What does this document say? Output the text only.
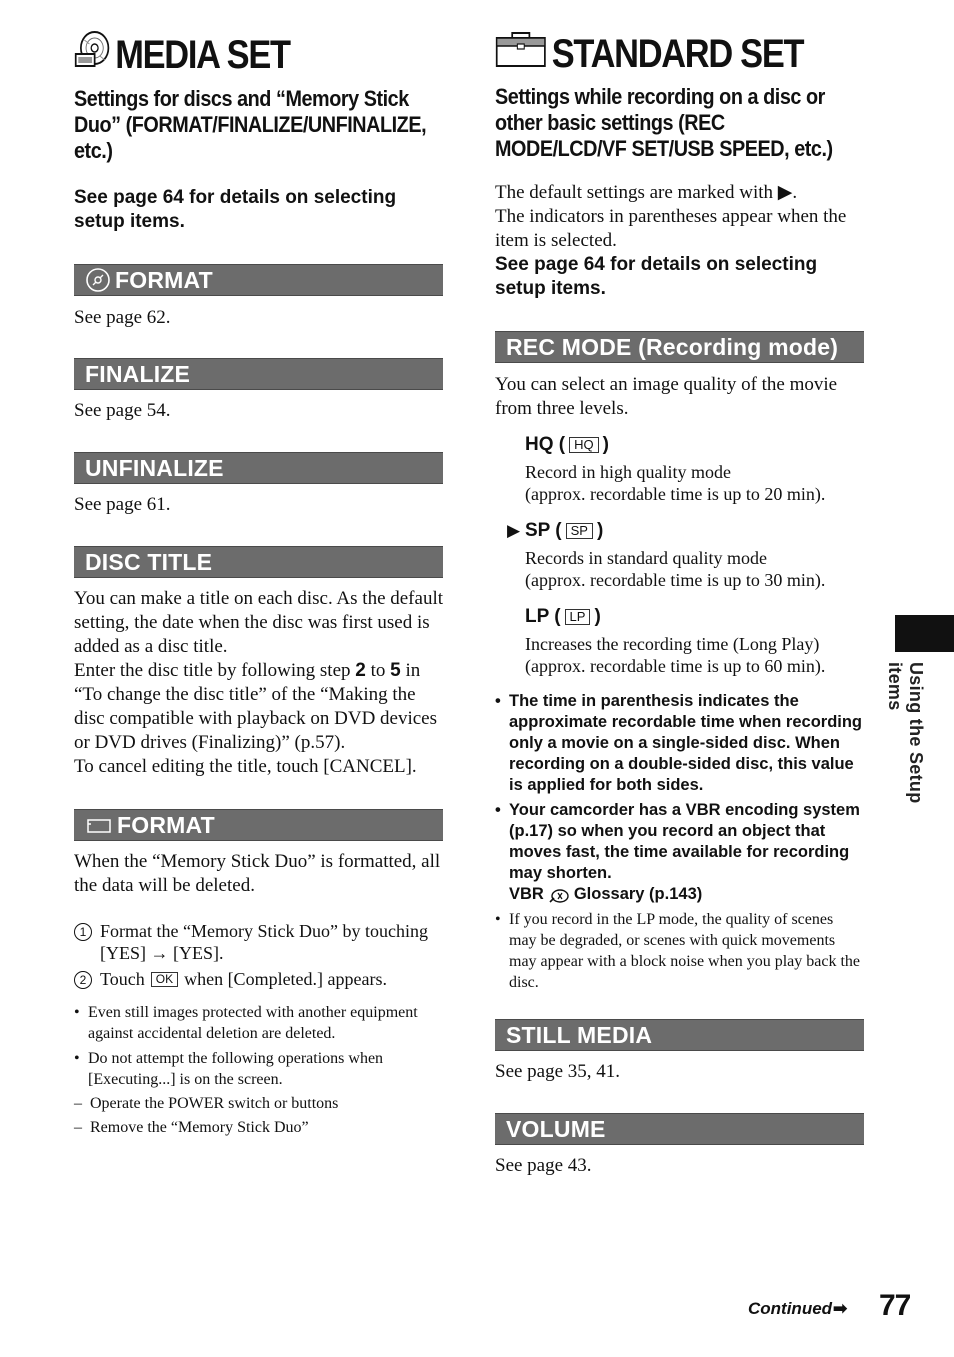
MEDIA SET

Settings for discs and “Memory Stick Duo” (FORMAT/FINALIZE/UNFINALIZE, etc.)

See page 64 for details on selecting setup items.

FORMAT

See page 62.

FINALIZE

See page 54.

UNFINALIZE

See page 61.

DISC TITLE

You can make a title on each disc. As the default setting, the date when the disc was first used is added as a disc title.

Enter the disc title by following step 2 to 5 in “To change the disc title” of the “Making the disc compatible with playback on DVD devices or DVD drives (Finalizing)” (p.57).

To cancel editing the title, touch [CANCEL].

FORMAT

When the “Memory Stick Duo” is formatted, all the data will be deleted.

1 Format the “Memory Stick Duo” by touching [YES] → [YES].
2 Touch OK when [Completed.] appears.
• Even still images protected with another equipment against accidental deletion are deleted.
• Do not attempt the following operations when [Executing...] is on the screen.
– Operate the POWER switch or buttons
– Remove the “Memory Stick Duo”
STANDARD SET

Settings while recording on a disc or other basic settings (REC MODE/LCD/VF SET/USB SPEED, etc.)

The default settings are marked with ▶.

The indicators in parentheses appear when the item is selected.

See page 64 for details on selecting setup items.

REC MODE (Recording mode)

You can select an image quality of the movie from three levels.

HQ ( HQ )

Record in high quality mode

(approx. recordable time is up to 20 min).

▶ SP ( SP )

Records in standard quality mode

(approx. recordable time is up to 30 min).

LP ( LP )

Increases the recording time (Long Play)

(approx. recordable time is up to 60 min).

• The time in parenthesis indicates the approximate recordable time when recording only a movie on a single-sided disc. When recording on a double-sided disc, this value is applied for both sides.
• Your camcorder has a VBR encoding system (p.17) so when you record an object that moves fast, the time available for recording may shorten.
VBR Glossary (p.143)
• If you record in the LP mode, the quality of scenes may be degraded, or scenes with quick movements may appear with a block noise when you play back the disc.
STILL MEDIA

See page 35, 41.

VOLUME

See page 43.

Using the Setup items
Continued ➡ 77
